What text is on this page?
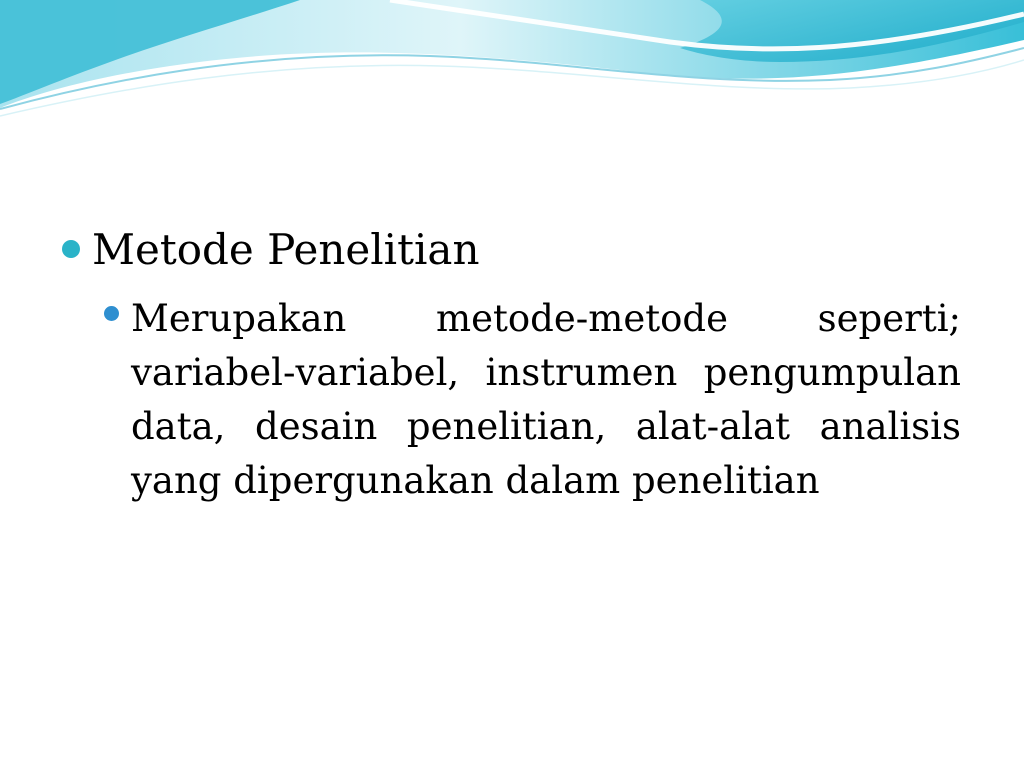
Metode Penelitian
Merupakan metode-metode seperti; variabel-variabel, instrumen pengumpulan data, desain penelitian, alat-alat analisis yang dipergunakan dalam penelitian
